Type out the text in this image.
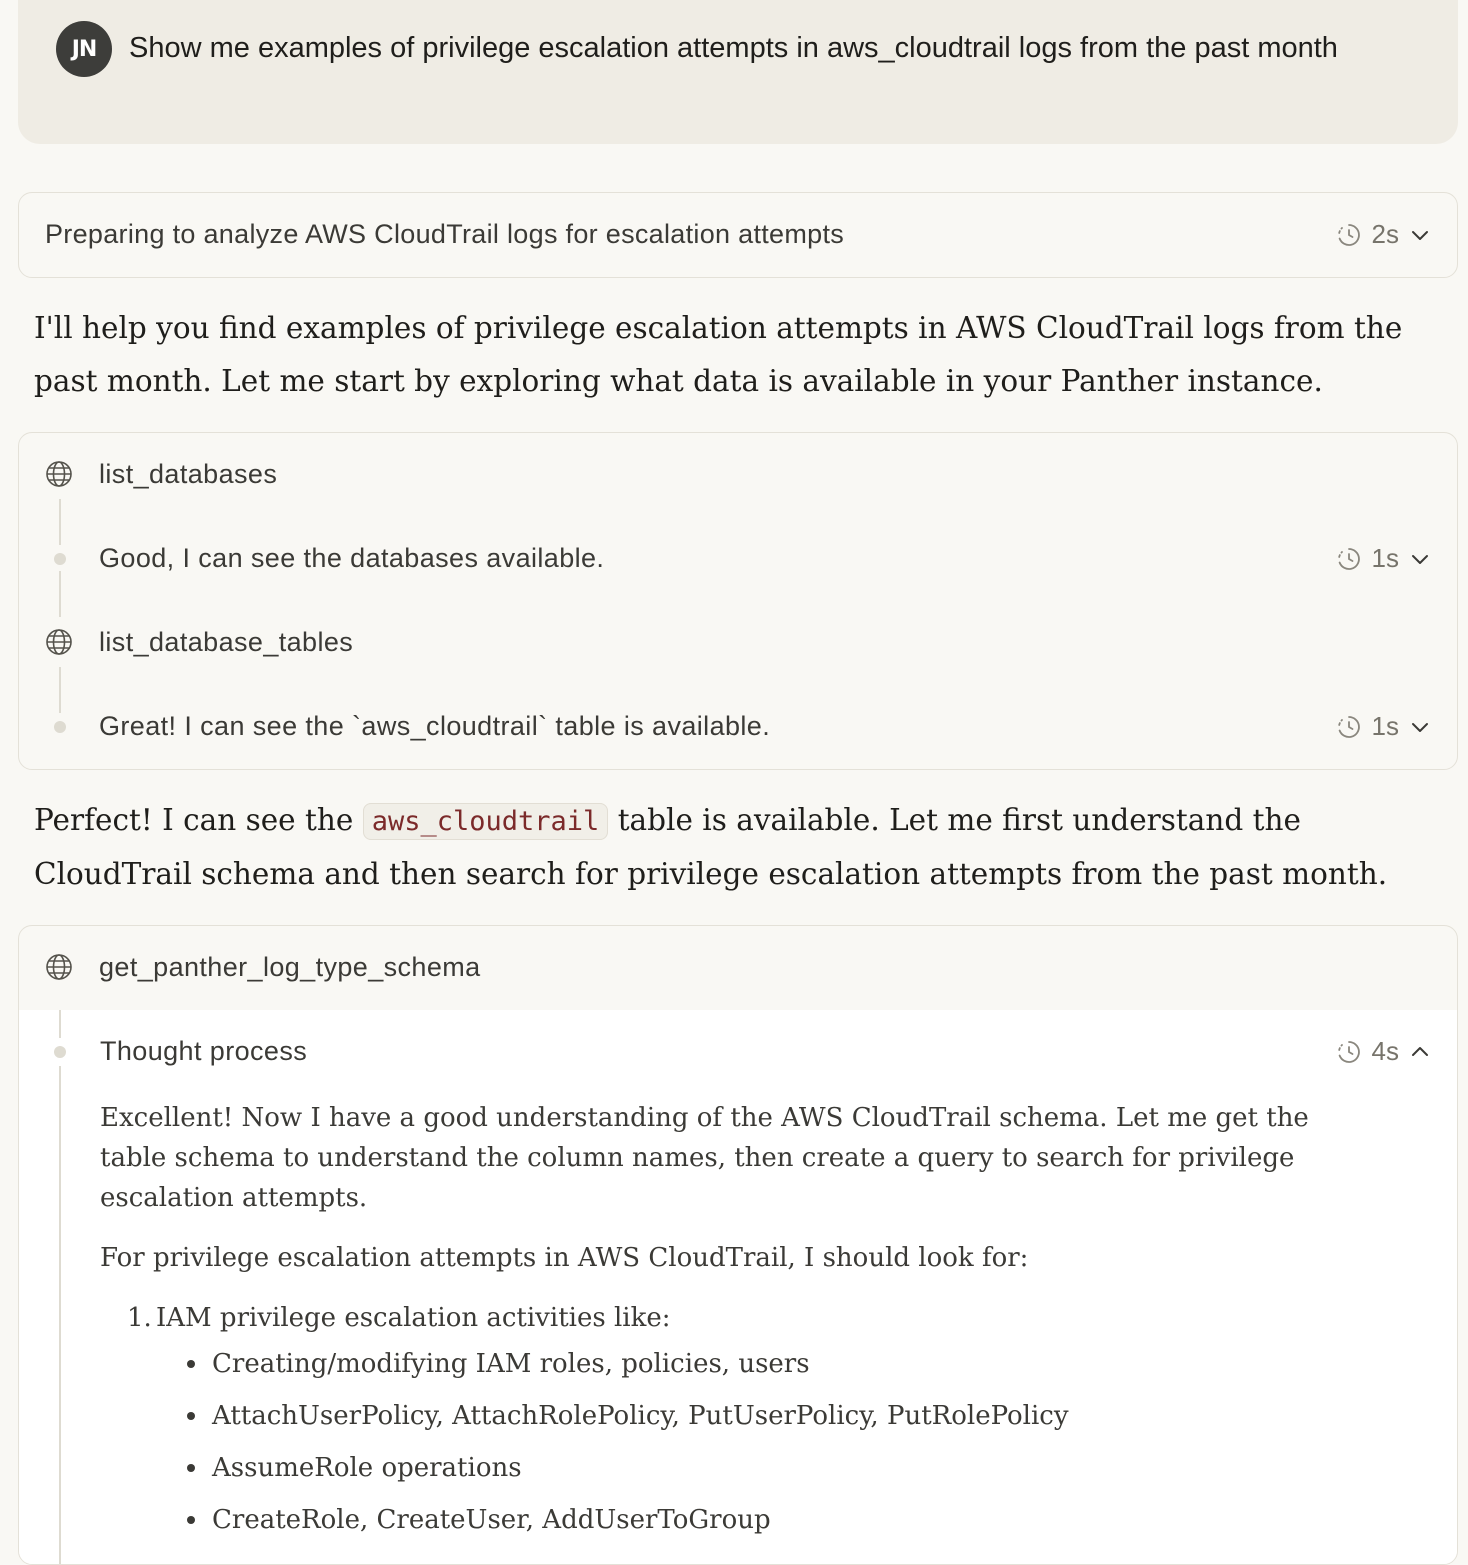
JN	Show me examples of privilege escalation attempts in aws_cloudtrail logs from the past month
Preparing to analyze AWS CloudTrail logs for escalation attempts	2s
I'll help you find examples of privilege escalation attempts in AWS CloudTrail logs from the past month. Let me start by exploring what data is available in your Panther instance.
list_databases
Good, I can see the databases available.	1s
list_database_tables
Great! I can see the `aws_cloudtrail` table is available.	1s
Perfect! I can see the aws_cloudtrail table is available. Let me first understand the CloudTrail schema and then search for privilege escalation attempts from the past month.
get_panther_log_type_schema
Thought process	4s

Excellent! Now I have a good understanding of the AWS CloudTrail schema. Let me get the table schema to understand the column names, then create a query to search for privilege escalation attempts.

For privilege escalation attempts in AWS CloudTrail, I should look for:

1. IAM privilege escalation activities like:
Creating/modifying IAM roles, policies, users
AttachUserPolicy, AttachRolePolicy, PutUserPolicy, PutRolePolicy
AssumeRole operations
CreateRole, CreateUser, AddUserToGroup
